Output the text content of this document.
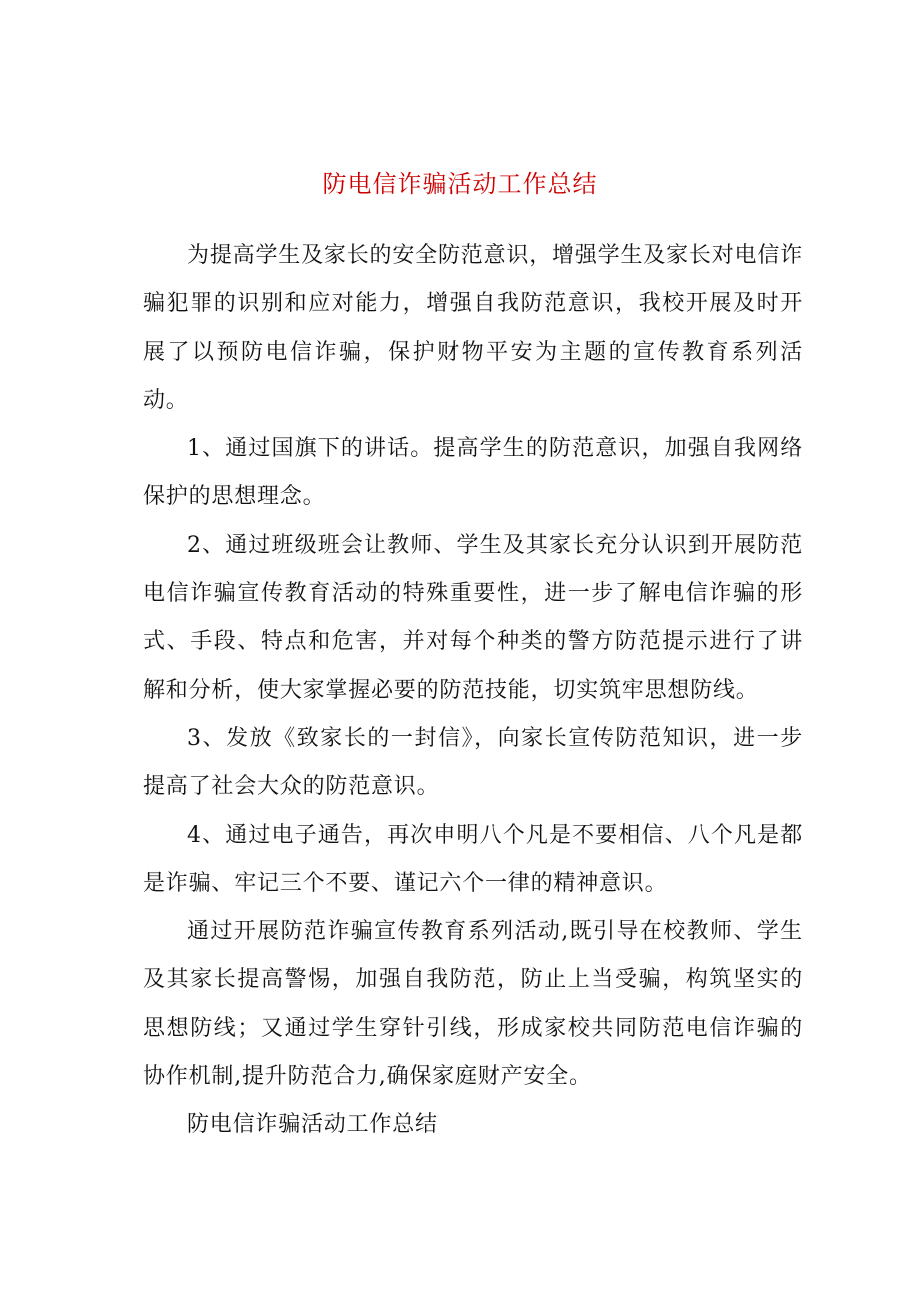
防电信诈骗活动工作总结

为提高学生及家长的安全防范意识，增强学生及家长对电信诈骗犯罪的识别和应对能力，增强自我防范意识，我校开展及时开展了以预防电信诈骗，保护财物平安为主题的宣传教育系列活动。

1、通过国旗下的讲话。提高学生的防范意识，加强自我网络保护的思想理念。

2、通过班级班会让教师、学生及其家长充分认识到开展防范电信诈骗宣传教育活动的特殊重要性，进一步了解电信诈骗的形式、手段、特点和危害，并对每个种类的警方防范提示进行了讲解和分析，使大家掌握必要的防范技能，切实筑牢思想防线。

3、发放《致家长的一封信》，向家长宣传防范知识，进一步提高了社会大众的防范意识。

4、通过电子通告，再次申明八个凡是不要相信、八个凡是都是诈骗、牢记三个不要、谨记六个一律的精神意识。

通过开展防范诈骗宣传教育系列活动,既引导在校教师、学生及其家长提高警惕，加强自我防范，防止上当受骗，构筑坚实的思想防线；又通过学生穿针引线，形成家校共同防范电信诈骗的协作机制,提升防范合力,确保家庭财产安全。

防电信诈骗活动工作总结
